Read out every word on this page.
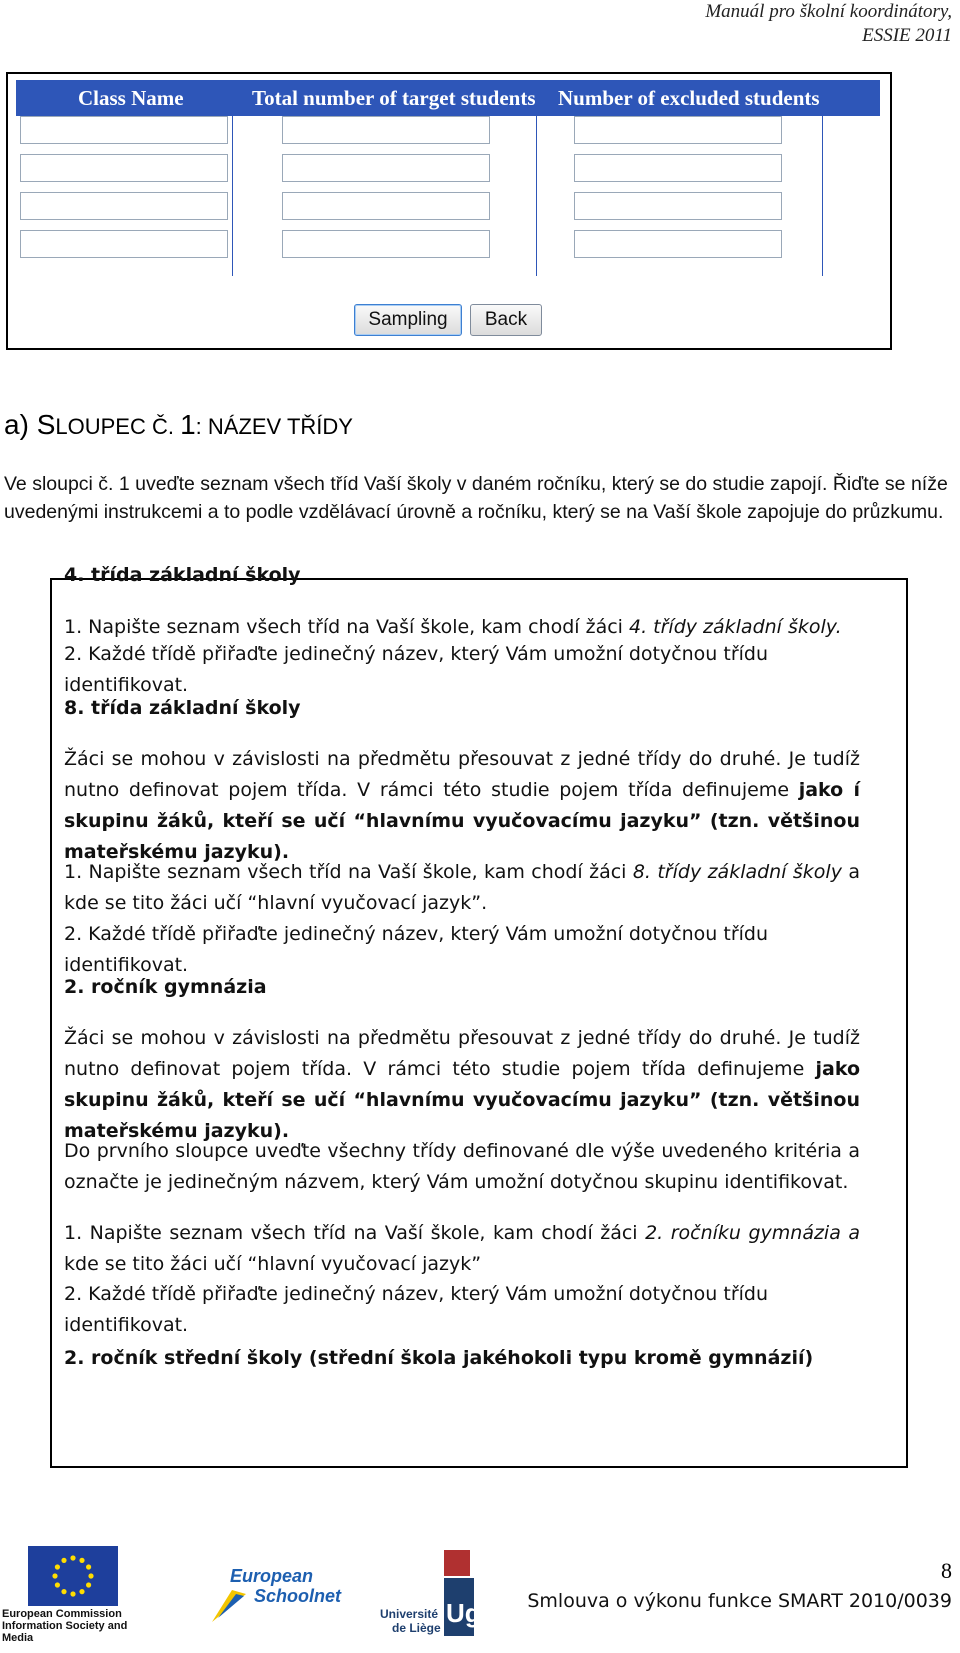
Manuál pro školní koordinátory,
ESSIE 2011
Class Name	Total number of target students Number of excluded students
Sampling	Back
a) SLOUPEC Č. 1: NÁZEV TŘÍDY
Ve sloupci č. 1 uveďte seznam všech tříd Vaší školy v daném ročníku, který se do studie zapojí. Řiďte se níže uvedenými instrukcemi a to podle vzdělávací úrovně a ročníku, který se na Vaší škole zapojuje do průzkumu.

4. třída základní školy

1. Napište seznam všech tříd na Vaší škole, kam chodí žáci 4. třídy základní školy.

2. Každé třídě přiřaďte jedinečný název, který Vám umožní dotyčnou třídu identifikovat.

8. třída základní školy

Žáci se mohou v závislosti na předmětu přesouvat z jedné třídy do druhé. Je tudíž nutno definovat pojem třída. V rámci této studie pojem třída definujeme jako í skupinu žáků, kteří se učí “hlavnímu vyučovacímu jazyku” (tzn. většinou mateřskému jazyku).

1. Napište seznam všech tříd na Vaší škole, kam chodí žáci 8. třídy základní školy a kde se tito žáci učí “hlavní vyučovací jazyk”.

2. Každé třídě přiřaďte jedinečný název, který Vám umožní dotyčnou třídu identifikovat.

2. ročník gymnázia

Žáci se mohou v závislosti na předmětu přesouvat z jedné třídy do druhé. Je tudíž nutno definovat pojem třída. V rámci této studie pojem třída definujeme jako skupinu žáků, kteří se učí “hlavnímu vyučovacímu jazyku” (tzn. většinou mateřskému jazyku).

Do prvního sloupce uveďte všechny třídy definované dle výše uvedeného kritéria a označte je jedinečným názvem, který Vám umožní dotyčnou skupinu identifikovat.

1. Napište seznam všech tříd na Vaší škole, kam chodí žáci 2. ročníku gymnázia a kde se tito žáci učí “hlavní vyučovací jazyk”

2. Každé třídě přiřaďte jedinečný název, který Vám umožní dotyčnou třídu identifikovat.

2. ročník střední školy (střední škola jakéhokoli typu kromě gymnázií)

European Commission
Information Society and Media
European
Schoolnet
Ug
Université
de Liège
8
Smlouva o výkonu funkce SMART 2010/0039
